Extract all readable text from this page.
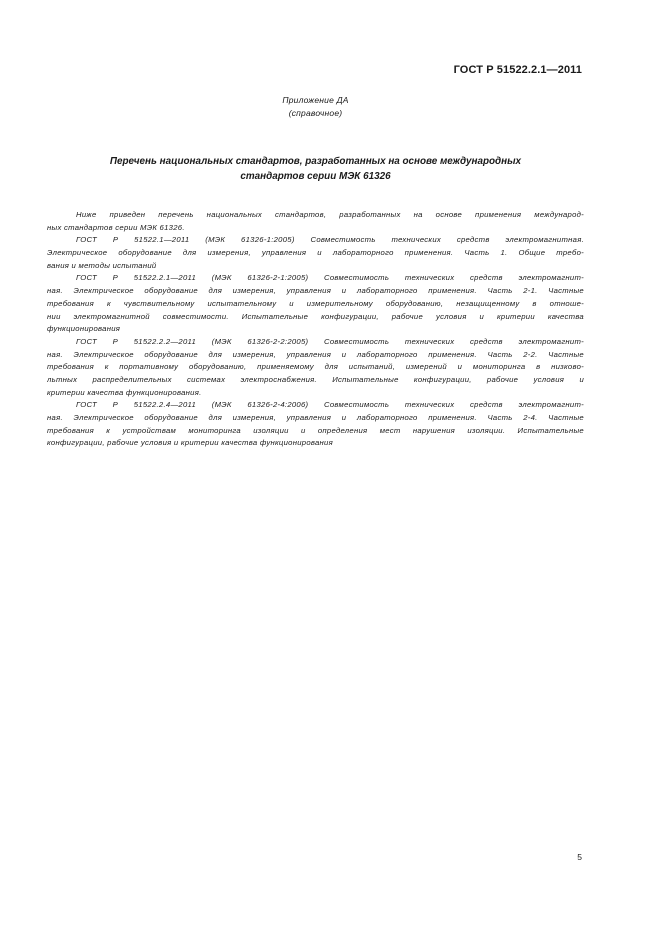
ГОСТ Р 51522.2.1—2011
Приложение ДА
(справочное)
Перечень национальных стандартов, разработанных на основе международных
стандартов серии МЭК 61326
Ниже приведен перечень национальных стандартов, разработанных на основе применения международ-
ных стандартов серии МЭК 61326.
ГОСТ Р 51522.1—2011 (МЭК 61326-1:2005) Совместимость технических средств электромагнитная.
Электрическое оборудование для измерения, управления и лабораторного применения. Часть 1. Общие требо-
вания и методы испытаний
ГОСТ Р 51522.2.1—2011 (МЭК 61326-2-1:2005) Совместимость технических средств электромагнит-
ная. Электрическое оборудование для измерения, управления и лабораторного применения. Часть 2-1. Частные
требования к чувствительному испытательному и измерительному оборудованию, незащищенному в отноше-
нии электромагнитной совместимости. Испытательные конфигурации, рабочие условия и критерии качества
функционирования
ГОСТ Р 51522.2.2—2011 (МЭК 61326-2-2:2005) Совместимость технических средств электромагнит-
ная. Электрическое оборудование для измерения, управления и лабораторного применения. Часть 2-2. Частные
требования к портативному оборудованию, применяемому для испытаний, измерений и мониторинга в низково-
льтных распределительных системах электроснабжения. Испытательные конфигурации, рабочие условия и
критерии качества функционирования.
ГОСТ Р 51522.2.4—2011 (МЭК 61326-2-4:2006) Совместимость технических средств электромагнит-
ная. Электрическое оборудование для измерения, управления и лабораторного применения. Часть 2-4. Частные
требования к устройствам мониторинга изоляции и определения мест нарушения изоляции. Испытательные
конфигурации, рабочие условия и критерии качества функционирования
5
